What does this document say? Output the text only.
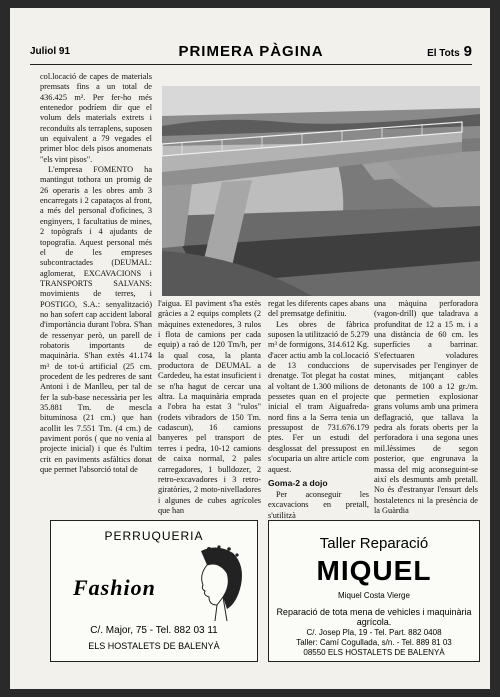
Juliol 91	PRIMERA PÀGINA	El Tots 9

col.locació de capes de materials premsats fins a un total de 436.425 m². Per fer-ho més entenedor podríem dir que el volum dels materials extrets i reconduïts als terraplens, suposen un equivalent a 79 vegades el primer bloc dels pisos anomenats "els vint pisos".

L'empresa FOMENTO ha mantingut tothora un promig de 26 operaris a les obres amb 3 encarregats i 2 capataços al front, a més del personal d'oficines, 3 enginyers, 1 facultatius de mines, 2 topògrafs i 4 ajudants de topografia. Aquest personal més el de les empreses subcontractades (DEUMAL: aglomerat, EXCAVACIONS i TRANSPORTS SALVANS: movimients de terres, i POSTIGO, S.A.: senyalització) no han sofert cap accident laboral d'importància durant l'obra. S'han de ressenyar però, un parell de robatoris importants de maquinària. S'han extès 41.174 m³ de tot-ú artificial (25 cm. procedent de les pedreres de sant Antoni i de Manlleu, per tal de fer la sub-base necessària per les 35.881 Tm. de mescla bituminosa (21 cm.) que han acollit les 7.551 Tm. (4 cm.) de paviment porós ( que no venia al projecte inicial) i que és l'ultim crit en paviments asfàltics donat que permet l'absorció total de

l'aigua. El paviment s'ha estès gràcies a 2 equips complets (2 màquines extenedores, 3 rulos i flota de camions per cada equip) a raó de 120 Tm/h, per la qual cosa, la planta productora de DEUMAL a Cardedeu, ha estat insuficient i se n'ha hagut de cercar una altra. La maquinària emprada a l'obra ha estat 3 "rulos" (rodets vibradors de 150 Tm. cadascun), 16 camions banyeres pel transport de terres i pedra, 10-12 camions de caixa normal, 2 pales carregadores, 1 bulldozer, 2 retro-excavadores i 3 retro-giratòries, 2 moto-nivelladores i algunes de cubes agrícoles que han

regat les diferents capes abans del premsatge definitiu.

Les obres de fàbrica suposen la utilització de 5.279 m³ de formigons, 314.612 Kg. d'acer actiu amb la col.locació de 13 conduccions de drenatge. Tot plegat ha costat al voltant de 1.300 milions de pessetes quan en el projecte inicial el tram Aiguafreda-nord fins a la Serra tenia un pressupost de 731.676.179 ptes. Fer un estudi del desglossat del pressupost en s'ocuparia un altre article com aquest.

Goma-2 a dojo

Per aconseguir les excavacions en pretall, s'utilitzà

una màquina perforadora (vagon-drill) que taladrava a profunditat de 12 a 15 m. i a una distància de 60 cm. les superfícies a barrinar. S'efectuaren voladures supervisades per l'enginyer de mines, mitjançant cables detonants de 100 a 12 gr./m. que permetien explosionar grans volums amb una primera deflagració, que tallava la pedra als forats oberts per la perforadora i una segona unes mil.lèssimes de segon posterior, que engrunava la massa del mig aconseguint-se així els desmunts amb pretall. No és d'estranyar l'ensurt dels hostaletencs ni la presència de la Guàrdia

PERRUQUERIA
Fashion
C/. Major, 75 - Tel. 882 03 11
ELS HOSTALETS DE BALENYÀ
Taller Reparació
MIQUEL
Miquel Costa Vierge
Reparació de tota mena de vehicles i maquinària agrícola.
C/. Josep Pla, 19 - Tel. Part. 882 0408
Taller: Camí Cogulladа, s/n. - Tel. 889 81 03
08550 ELS HOSTALETS DE BALENYÀ
